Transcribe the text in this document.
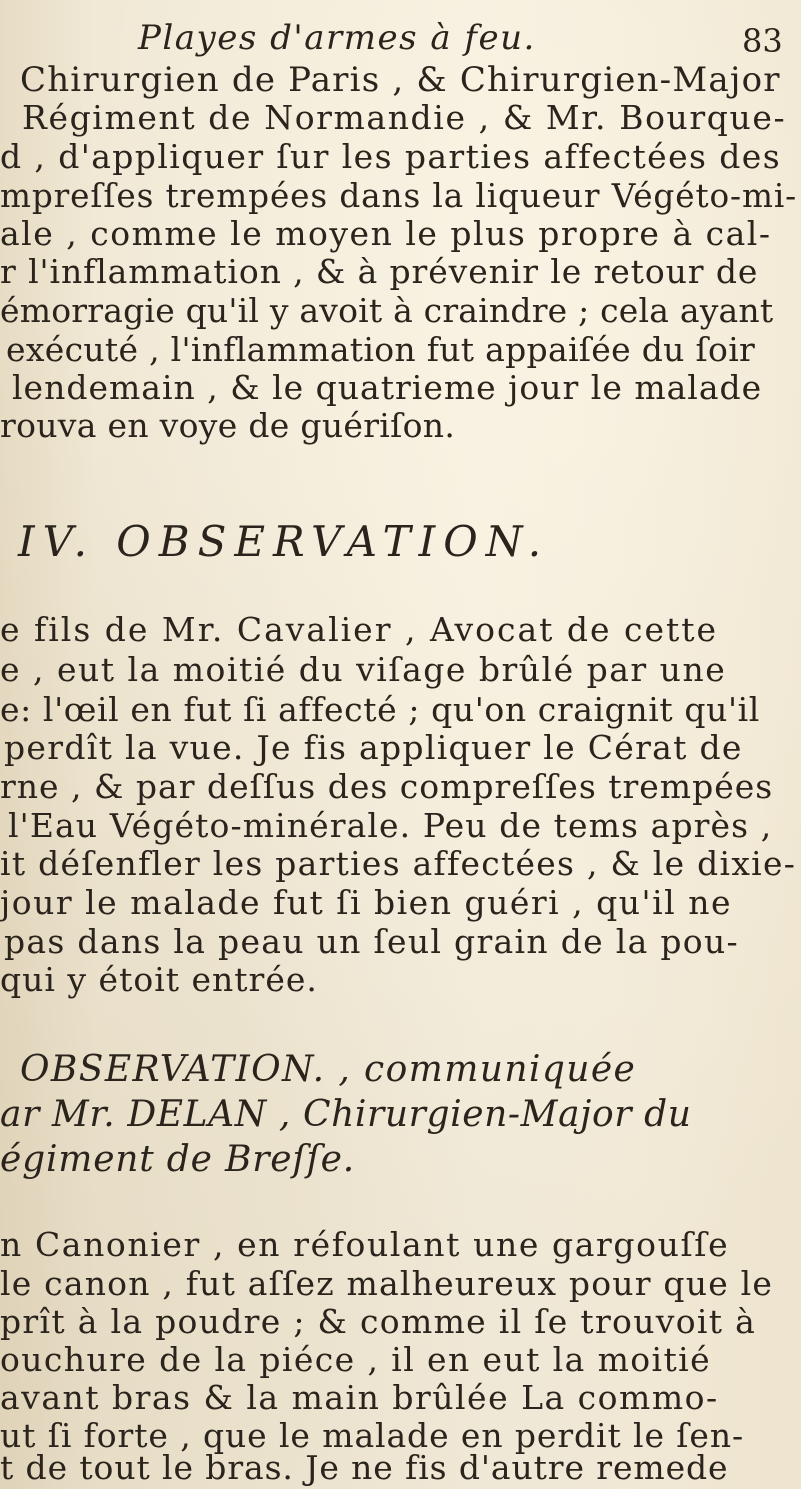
Playes d'armes à feu.	83
Chirurgien de Paris , & Chirurgien-Major
Régiment de Normandie , & Mr. Bourque-
d , d'appliquer ſur les parties affectées des
mpreſſes trempées dans la liqueur Végéto-mi-
ale , comme le moyen le plus propre à cal-
r l'inflammation , & à prévenir le retour de
émorragie qu'il y avoit à craindre ; cela ayant
exécuté , l'inflammation fut appaiſée du ſoir
lendemain , & le quatrieme jour le malade
rouva en voye de guériſon.
IV. OBSERVATION.
e fils de Mr. Cavalier , Avocat de cette
e , eut la moitié du viſage brûlé par une
e: l'œil en fut ſi affecté ; qu'on craignit qu'il
perdît la vue. Je fis appliquer le Cérat de
rne , & par deſſus des compreſſes trempées
l'Eau Végéto-minérale. Peu de tems après ,
it déſenfler les parties affectées , & le dixie-
jour le malade fut ſi bien guéri , qu'il ne
pas dans la peau un ſeul grain de la pou-
qui y étoit entrée.
OBSERVATION. , communiquée
ar Mr. DELAN , Chirurgien-Major du
égiment de Breſſe.
n Canonier , en réfoulant une gargouſſe
le canon , fut aſſez malheureux pour que le
prît à la poudre ; & comme il ſe trouvoit à
ouchure de la piéce , il en eut la moitié
avant bras & la main brûlée La commo-
ut ſi forte , que le malade en perdit le ſen-
t de tout le bras. Je ne fis d'autre remede
